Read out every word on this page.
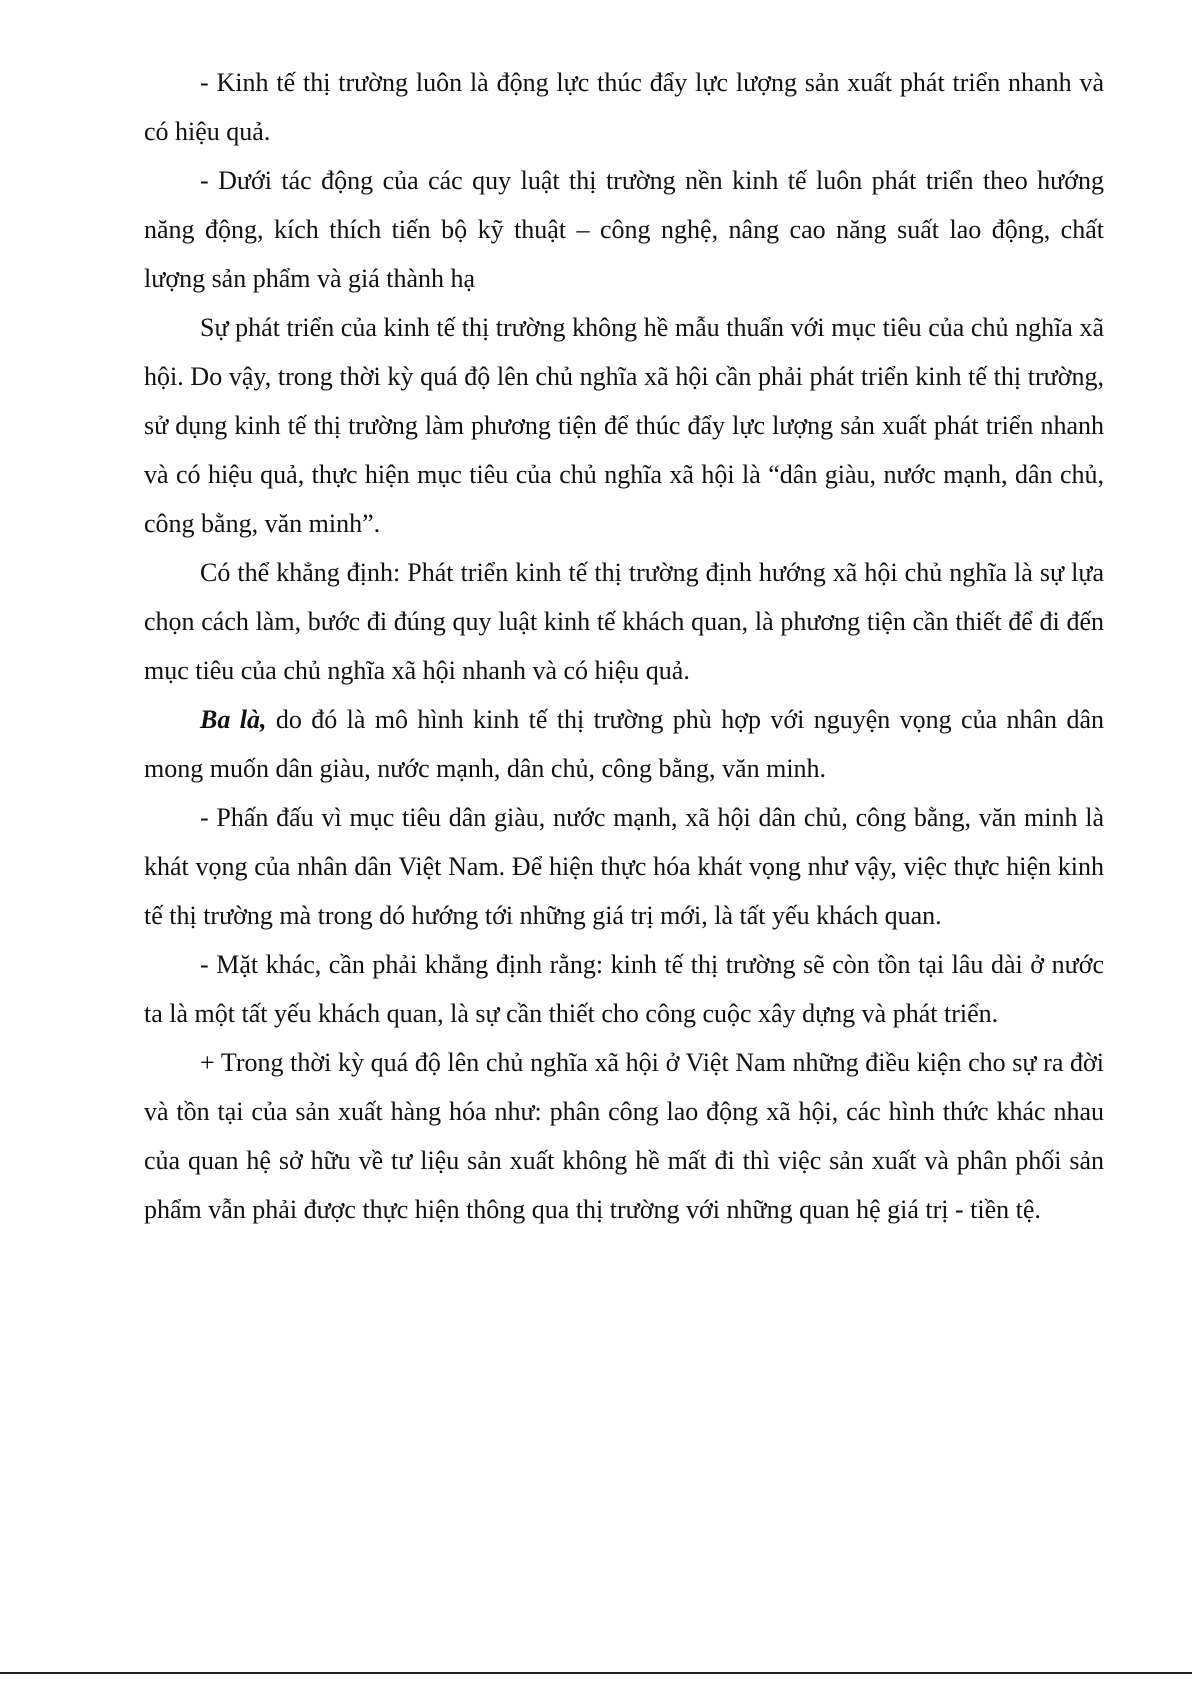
- Kinh tế thị trường luôn là động lực thúc đẩy lực lượng sản xuất phát triển nhanh và có hiệu quả.

- Dưới tác động của các quy luật thị trường nền kinh tế luôn phát triển theo hướng năng động, kích thích tiến bộ kỹ thuật – công nghệ, nâng cao năng suất lao động, chất lượng sản phẩm và giá thành hạ

Sự phát triển của kinh tế thị trường không hề mẫu thuẩn với mục tiêu của chủ nghĩa xã hội. Do vậy, trong thời kỳ quá độ lên chủ nghĩa xã hội cần phải phát triển kinh tế thị trường, sử dụng kinh tế thị trường làm phương tiện để thúc đẩy lực lượng sản xuất phát triển nhanh và có hiệu quả, thực hiện mục tiêu của chủ nghĩa xã hội là “dân giàu, nước mạnh, dân chủ, công bằng, văn minh”.

Có thể khẳng định: Phát triển kinh tế thị trường định hướng xã hội chủ nghĩa là sự lựa chọn cách làm, bước đi đúng quy luật kinh tế khách quan, là phương tiện cần thiết để đi đến mục tiêu của chủ nghĩa xã hội nhanh và có hiệu quả.

Ba là, do đó là mô hình kinh tế thị trường phù hợp với nguyện vọng của nhân dân mong muốn dân giàu, nước mạnh, dân chủ, công bằng, văn minh.

- Phấn đấu vì mục tiêu dân giàu, nước mạnh, xã hội dân chủ, công bằng, văn minh là khát vọng của nhân dân Việt Nam. Để hiện thực hóa khát vọng như vậy, việc thực hiện kinh tế thị trường mà trong dó hướng tới những giá trị mới, là tất yếu khách quan.

- Mặt khác, cần phải khẳng định rằng: kinh tế thị trường sẽ còn tồn tại lâu dài ở nước ta là một tất yếu khách quan, là sự cần thiết cho công cuộc xây dựng và phát triển.

+ Trong thời kỳ quá độ lên chủ nghĩa xã hội ở Việt Nam những điều kiện cho sự ra đời và tồn tại của sản xuất hàng hóa như: phân công lao động xã hội, các hình thức khác nhau của quan hệ sở hữu về tư liệu sản xuất không hề mất đi thì việc sản xuất và phân phối sản phẩm vẫn phải được thực hiện thông qua thị trường với những quan hệ giá trị - tiền tệ.
